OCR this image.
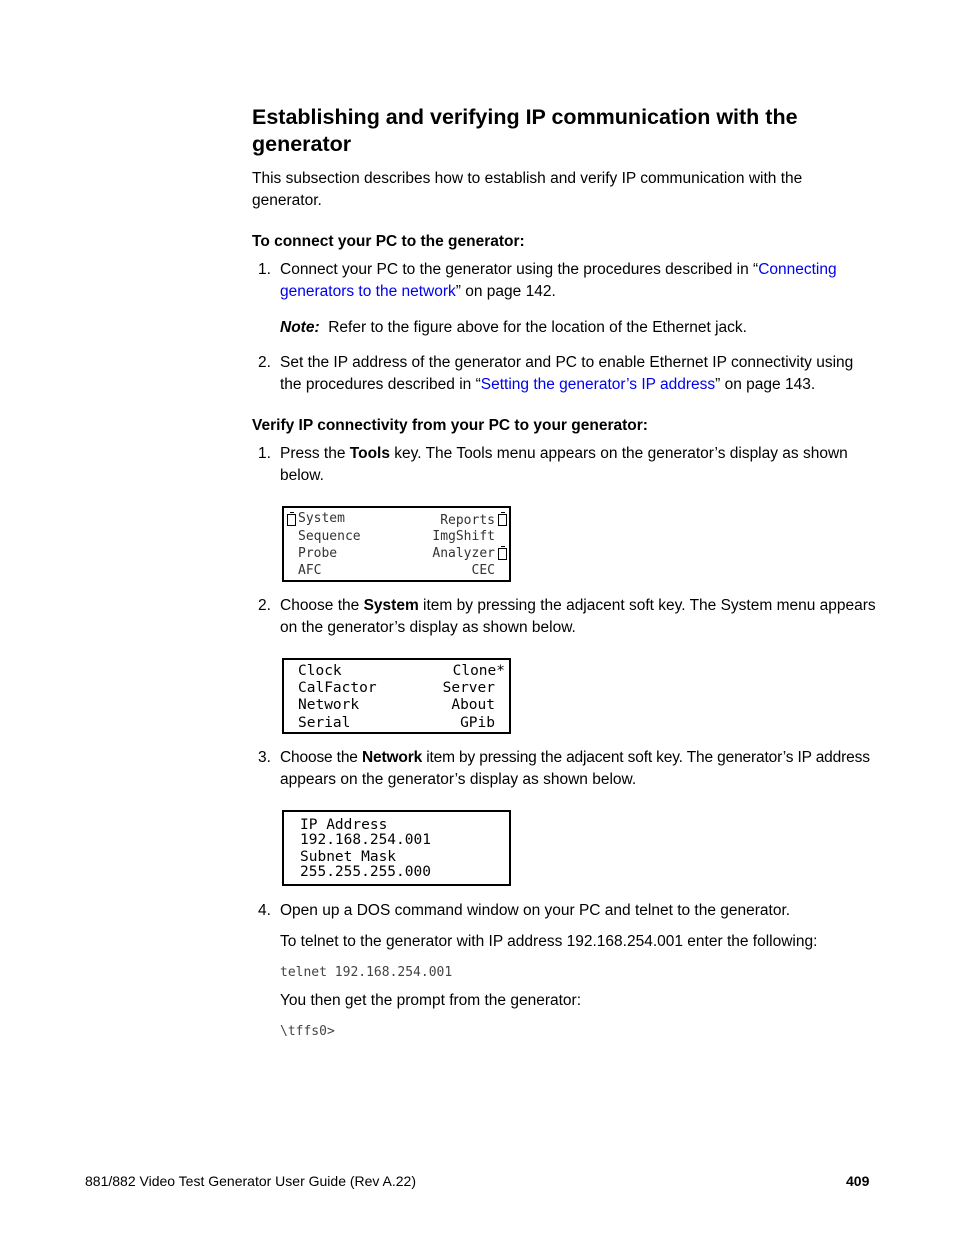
Establishing and verifying IP communication with the generator
This subsection describes how to establish and verify IP communication with the generator.
To connect your PC to the generator:
1. Connect your PC to the generator using the procedures described in “Connecting
generators to the network” on page 142.
Note: Refer to the figure above for the location of the Ethernet jack.
2. Set the IP address of the generator and PC to enable Ethernet IP connectivity using
the procedures described in “Setting the generator’s IP address” on page 143.
Verify IP connectivity from your PC to your generator:
1. Press the Tools key. The Tools menu appears on the generator’s display as shown
below.
System	Reports
Sequence	ImgShift
Probe	Analyzer
AFC	CEC
2. Choose the System item by pressing the adjacent soft key. The System menu appears
on the generator’s display as shown below.
Clock	Clone*
CalFactor	Server
Network	About
Serial	GPib
3. Choose the Network item by pressing the adjacent soft key. The generator’s IP address
appears on the generator’s display as shown below.
IP Address
192.168.254.001
Subnet Mask
255.255.255.000
4. Open up a DOS command window on your PC and telnet to the generator.
To telnet to the generator with IP address 192.168.254.001 enter the following:
telnet 192.168.254.001
You then get the prompt from the generator:
\tffs0>
881/882 Video Test Generator User Guide (Rev A.22)	409
